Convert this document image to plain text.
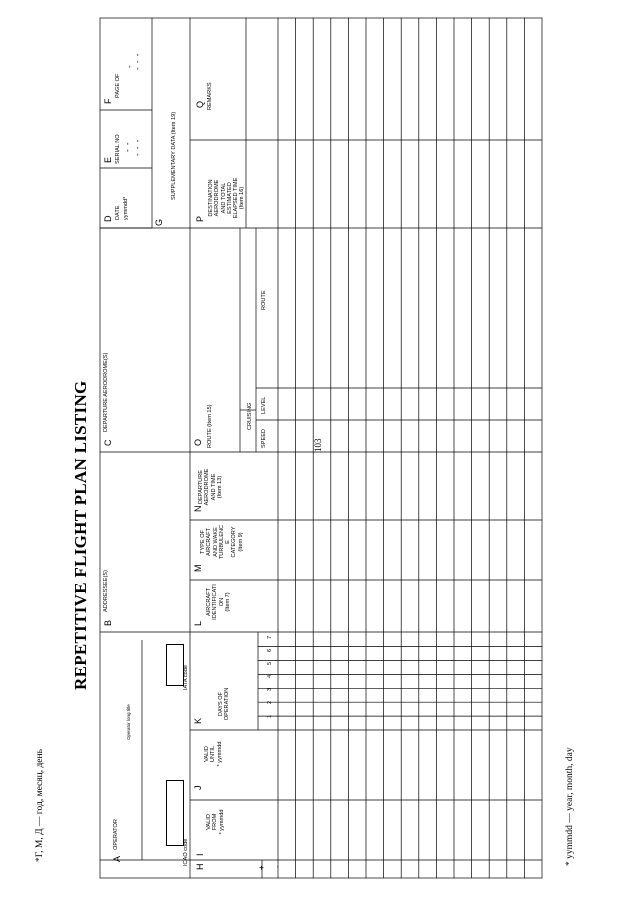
103
REPETITIVE FLIGHT PLAN LISTING
*Г, М, Д — год, месяц, день	* yymmdd — year, month, day
A
OPERATOR
Operator long title
ICAO code
IATA code
B
ADDRESSEE(S)
C
DEPARTURE AERODROME(S)
D DATE yymmdd*
E SERIAL NO - - - - -
F
PAGE OF
- - - -
G
SUPPLEMENTARY DATA (Item 19)
H	+ -
I
VALID
FROM
* yymmdd
J
VALID
UNTIL
* yymmdd
K
DAYS OF
OPERATION	1
2
3
4
5
6
7
L
AIRCRAFT
IDENTIFICATI
ON
(Item 7)
M
TYPE OF
AIRCRAFT
AND WAKE
TURBULENC
E
CATEGORY
(Item 9)
N
DEPARTURE
AERODROME
AND TIME
(Item 13)
O ROUTE (Item 15)	CRUISING
SPEED
LEVEL
ROUTE
P
DESTINATION
AERODROME
AND TOTAL
ESTIMATED
ELAPSED TIME
(Item 16)
Q REMARKS
